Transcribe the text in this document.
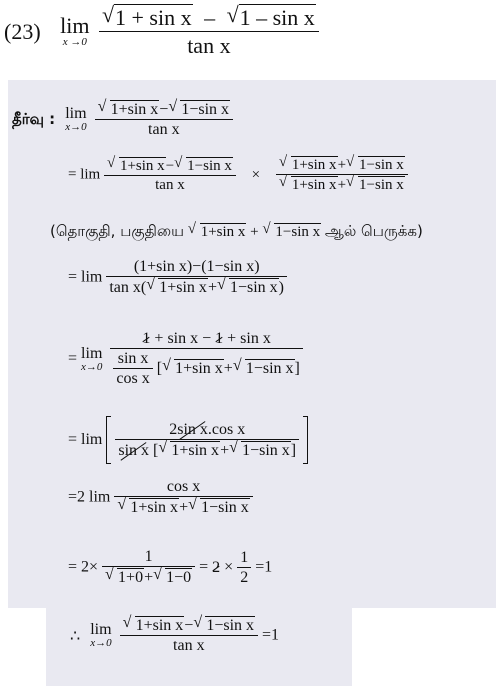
(23) lim
x →0
√ $\frac{\text{1 + sin x – √ 1 – sin x}}{\text{tan x}}$
தீர்வு : lim
x→0
√ $\frac{\text{1+sin x− √ 1−sin x}}{\text{tan x}}$
= lim √ $\frac{\text{1+sin x− √ 1−sin x}}{\text{tan x}}$ × √ 1+sin x+ √ 1−sin x
√ 1+sin x+ √ 1−sin x
(தொகுதி, பகுதியை √ 1+sin x + √ 1−sin x ஆல் பெருக்க)
= $\lim \frac{\text{(1+sin x)−(1−sin x)}}{\text{tan x( √ 1+sin x+ √ 1−sin x)}}$
= lim
x→0
$\frac{\text{1 + sin x − 1 + sin x}}{\frac{\text{sin x}}{\text{cos x}} [ √ 1+\sin x+ √ 1-\sin x]}$
= $\lim \frac{\text{2sin x.cos x}}{\text{sin x [ √ 1+sin x+ √ 1−sin x]}}$

=2 lim cos x
√ 1+sin x+ √ 1−sin x
= 2× 1
√ 1+0+ √ $1-0 = 2 \times \frac{1}{2} =1$
∴ lim
x→0
√ $\frac{\text{1+sin x− √ 1−sin x}}{\text{tan x}} =1$
